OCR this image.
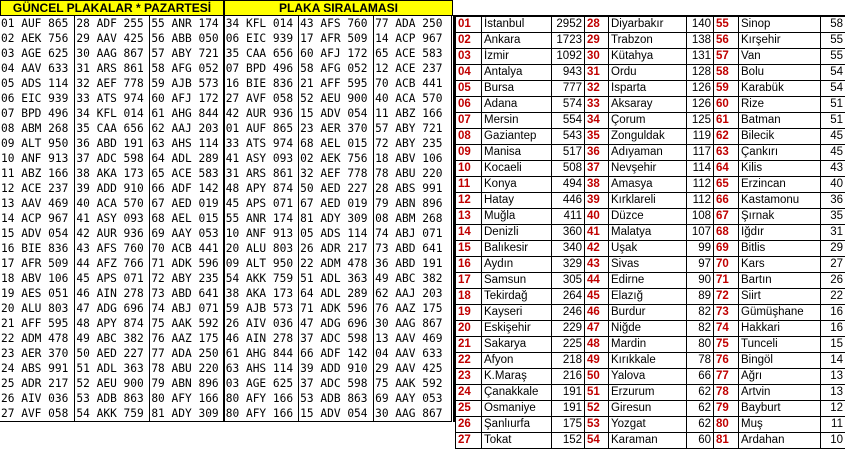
GÜNCEL PLAKALAR * PAZARTESİ	PLAKA SIRALAMASI
01 AUF 865	28 ADF 255	55 ANR 174	34 KFL 014	43 AFS 760	77 ADA 250
02 AEK 756	29 AAV 425	56 ABB 050	06 EIC 939	17 AFR 509	14 ACP 967
03 AGE 625	30 AAG 867	57 ABY 721	35 CAA 656	60 AFJ 172	65 ACE 583
04 AAV 633	31 ARS 861	58 AFG 052	07 BPD 496	58 AFG 052	12 ACE 237
05 ADS 114	32 AEF 778	59 AJB 573	16 BIE 836	21 AFF 595	70 ACB 441
06 EIC 939	33 ATS 974	60 AFJ 172	27 AVF 058	52 AEU 900	40 ACA 570
07 BPD 496	34 KFL 014	61 AHG 844	42 AUR 936	15 ADV 054	11 ABZ 166
08 ABM 268	35 CAA 656	62 AAJ 203	01 AUF 865	23 AER 370	57 ABY 721
09 ALT 950	36 ABD 191	63 AHS 114	33 ATS 974	68 AEL 015	72 ABY 235
10 ANF 913	37 ADC 598	64 ADL 289	41 ASY 093	02 AEK 756	18 ABV 106
11 ABZ 166	38 AKA 173	65 ACE 583	31 ARS 861	32 AEF 778	78 ABU 220
12 ACE 237	39 ADD 910	66 ADF 142	48 APY 874	50 AED 227	28 ABS 991
13 AAV 469	40 ACA 570	67 AED 019	45 APS 071	67 AED 019	79 ABN 896
14 ACP 967	41 ASY 093	68 AEL 015	55 ANR 174	81 ADY 309	08 ABM 268
15 ADV 054	42 AUR 936	69 AAY 053	10 ANF 913	05 ADS 114	74 ABJ 071
16 BIE 836	43 AFS 760	70 ACB 441	20 ALU 803	26 ADR 217	73 ABD 641
17 AFR 509	44 AFZ 766	71 ADK 596	09 ALT 950	22 ADM 478	36 ABD 191
18 ABV 106	45 APS 071	72 ABY 235	54 AKK 759	51 ADL 363	49 ABC 382
19 AES 051	46 AIN 278	73 ABD 641	38 AKA 173	64 ADL 289	62 AAJ 203
20 ALU 803	47 ADG 696	74 ABJ 071	59 AJB 573	71 ADK 596	76 AAZ 175
21 AFF 595	48 APY 874	75 AAK 592	26 AIV 036	47 ADG 696	30 AAG 867
22 ADM 478	49 ABC 382	76 AAZ 175	46 AIN 278	37 ADC 598	13 AAV 469
23 AER 370	50 AED 227	77 ADA 250	61 AHG 844	66 ADF 142	04 AAV 633
24 ABS 991	51 ADL 363	78 ABU 220	63 AHS 114	39 ADD 910	29 AAV 425
25 ADR 217	52 AEU 900	79 ABN 896	03 AGE 625	37 ADC 598	75 AAK 592
26 AIV 036	53 ADB 863	80 AFY 166	80 AFY 166	53 ADB 863	69 AAY 053
27 AVF 058	54 AKK 759	81 ADY 309	80 AFY 166	15 ADV 054	30 AAG 867
01	İstanbul	2952	28	Diyarbakır	140	55	Sinop	58
02	Ankara	1723	29	Trabzon	138	56	Kırşehir	55
03	İzmir	1092	30	Kütahya	131	57	Van	55
04	Antalya	943	31	Ordu	128	58	Bolu	54
05	Bursa	777	32	Isparta	126	59	Karabük	54
06	Adana	574	33	Aksaray	126	60	Rize	51
07	Mersin	554	34	Çorum	125	61	Batman	51
08	Gaziantep	543	35	Zonguldak	119	62	Bilecik	45
09	Manisa	517	36	Adıyaman	117	63	Çankırı	45
10	Kocaeli	508	37	Nevşehir	114	64	Kilis	43
11	Konya	494	38	Amasya	112	65	Erzincan	40
12	Hatay	446	39	Kırklareli	112	66	Kastamonu	36
13	Muğla	411	40	Düzce	108	67	Şırnak	35
14	Denizli	360	41	Malatya	107	68	Iğdır	31
15	Balıkesir	340	42	Uşak	99	69	Bitlis	29
16	Aydın	329	43	Sivas	97	70	Kars	27
17	Samsun	305	44	Edirne	90	71	Bartın	26
18	Tekirdağ	264	45	Elazığ	89	72	Siirt	22
19	Kayseri	246	46	Burdur	82	73	Gümüşhane	16
20	Eskişehir	229	47	Niğde	82	74	Hakkari	16
21	Sakarya	225	48	Mardin	80	75	Tunceli	15
22	Afyon	218	49	Kırıkkale	78	76	Bingöl	14
23	K.Maraş	216	50	Yalova	66	77	Ağrı	13
24	Çanakkale	191	51	Erzurum	62	78	Artvin	13
25	Osmaniye	191	52	Giresun	62	79	Bayburt	12
26	Şanlıurfa	175	53	Yozgat	62	80	Muş	11
27	Tokat	152	54	Karaman	60	81	Ardahan	10
